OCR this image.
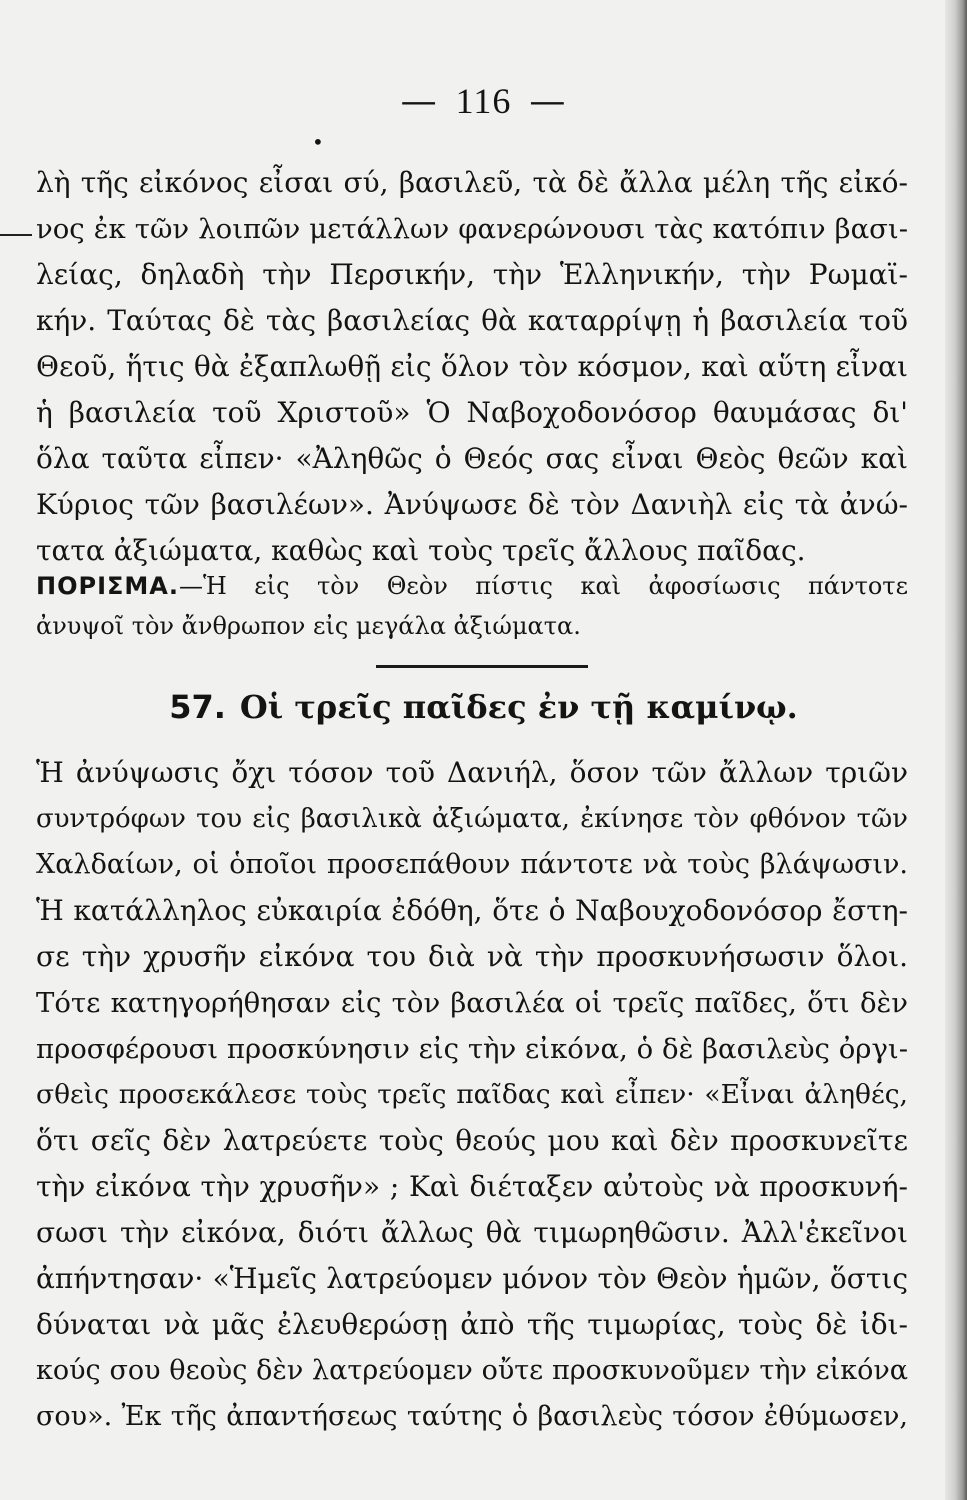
— 116 —
•
λὴ τῆς εἰκόνος εἶσαι σύ, βασιλεῦ, τὰ δὲ ἄλλα μέλη τῆς εἰκό-
νος ἐκ τῶν λοιπῶν μετάλλων φανερώνουσι τὰς κατόπιν βασι-
λείας, δηλαδὴ τὴν Περσικήν, τὴν Ἑλληνικήν, τὴν Ρωμαϊ-
κήν. Ταύτας δὲ τὰς βασιλείας θὰ καταρρίψῃ ἡ βασιλεία τοῦ
Θεοῦ, ἥτις θὰ ἐξαπλωθῇ εἰς ὅλον τὸν κόσμον, καὶ αὕτη εἶναι
ἡ βασιλεία τοῦ Χριστοῦ» Ὁ Ναβοχοδονόσορ θαυμάσας δι'
ὅλα ταῦτα εἶπεν· «Ἀληθῶς ὁ Θεός σας εἶναι Θεὸς θεῶν καὶ
Κύριος τῶν βασιλέων». Ἀνύψωσε δὲ τὸν Δανιὴλ εἰς τὰ ἀνώ-
τατα ἀξιώματα, καθὼς καὶ τοὺς τρεῖς ἄλλους παῖδας.
ΠΟΡΙΣΜΑ.—Ἡ εἰς τὸν Θεὸν πίστις καὶ ἀφοσίωσις πάντοτε
ἀνυψοῖ τὸν ἄνθρωπον εἰς μεγάλα ἀξιώματα.
57. Οἱ τρεῖς παῖδες ἐν τῇ καμίνῳ.
Ἡ ἀνύψωσις ὄχι τόσον τοῦ Δανιήλ, ὅσον τῶν ἄλλων τριῶν
συντρόφων του εἰς βασιλικὰ ἀξιώματα, ἐκίνησε τὸν φθόνον τῶν
Χαλδαίων, οἱ ὁποῖοι προσεπάθουν πάντοτε νὰ τοὺς βλάψωσιν.
Ἡ κατάλληλος εὐκαιρία ἐδόθη, ὅτε ὁ Ναβουχοδονόσορ ἔστη-
σε τὴν χρυσῆν εἰκόνα του διὰ νὰ τὴν προσκυνήσωσιν ὅλοι.
Τότε κατηγορήθησαν εἰς τὸν βασιλέα οἱ τρεῖς παῖδες, ὅτι δὲν
προσφέρουσι προσκύνησιν εἰς τὴν εἰκόνα, ὁ δὲ βασιλεὺς ὀργι-
σθεὶς προσεκάλεσε τοὺς τρεῖς παῖδας καὶ εἶπεν· «Εἶναι ἀληθές,
ὅτι σεῖς δὲν λατρεύετε τοὺς θεούς μου καὶ δὲν προσκυνεῖτε
τὴν εἰκόνα τὴν χρυσῆν» ; Καὶ διέταξεν αὐτοὺς νὰ προσκυνή-
σωσι τὴν εἰκόνα, διότι ἄλλως θὰ τιμωρηθῶσιν. Ἀλλ'ἐκεῖνοι
ἀπήντησαν· «Ἡμεῖς λατρεύομεν μόνον τὸν Θεὸν ἡμῶν, ὅστις
δύναται νὰ μᾶς ἐλευθερώσῃ ἀπὸ τῆς τιμωρίας, τοὺς δὲ ἰδι-
κούς σου θεοὺς δὲν λατρεύομεν οὔτε προσκυνοῦμεν τὴν εἰκόνα
σου». Ἐκ τῆς ἀπαντήσεως ταύτης ὁ βασιλεὺς τόσον ἐθύμωσεν,
